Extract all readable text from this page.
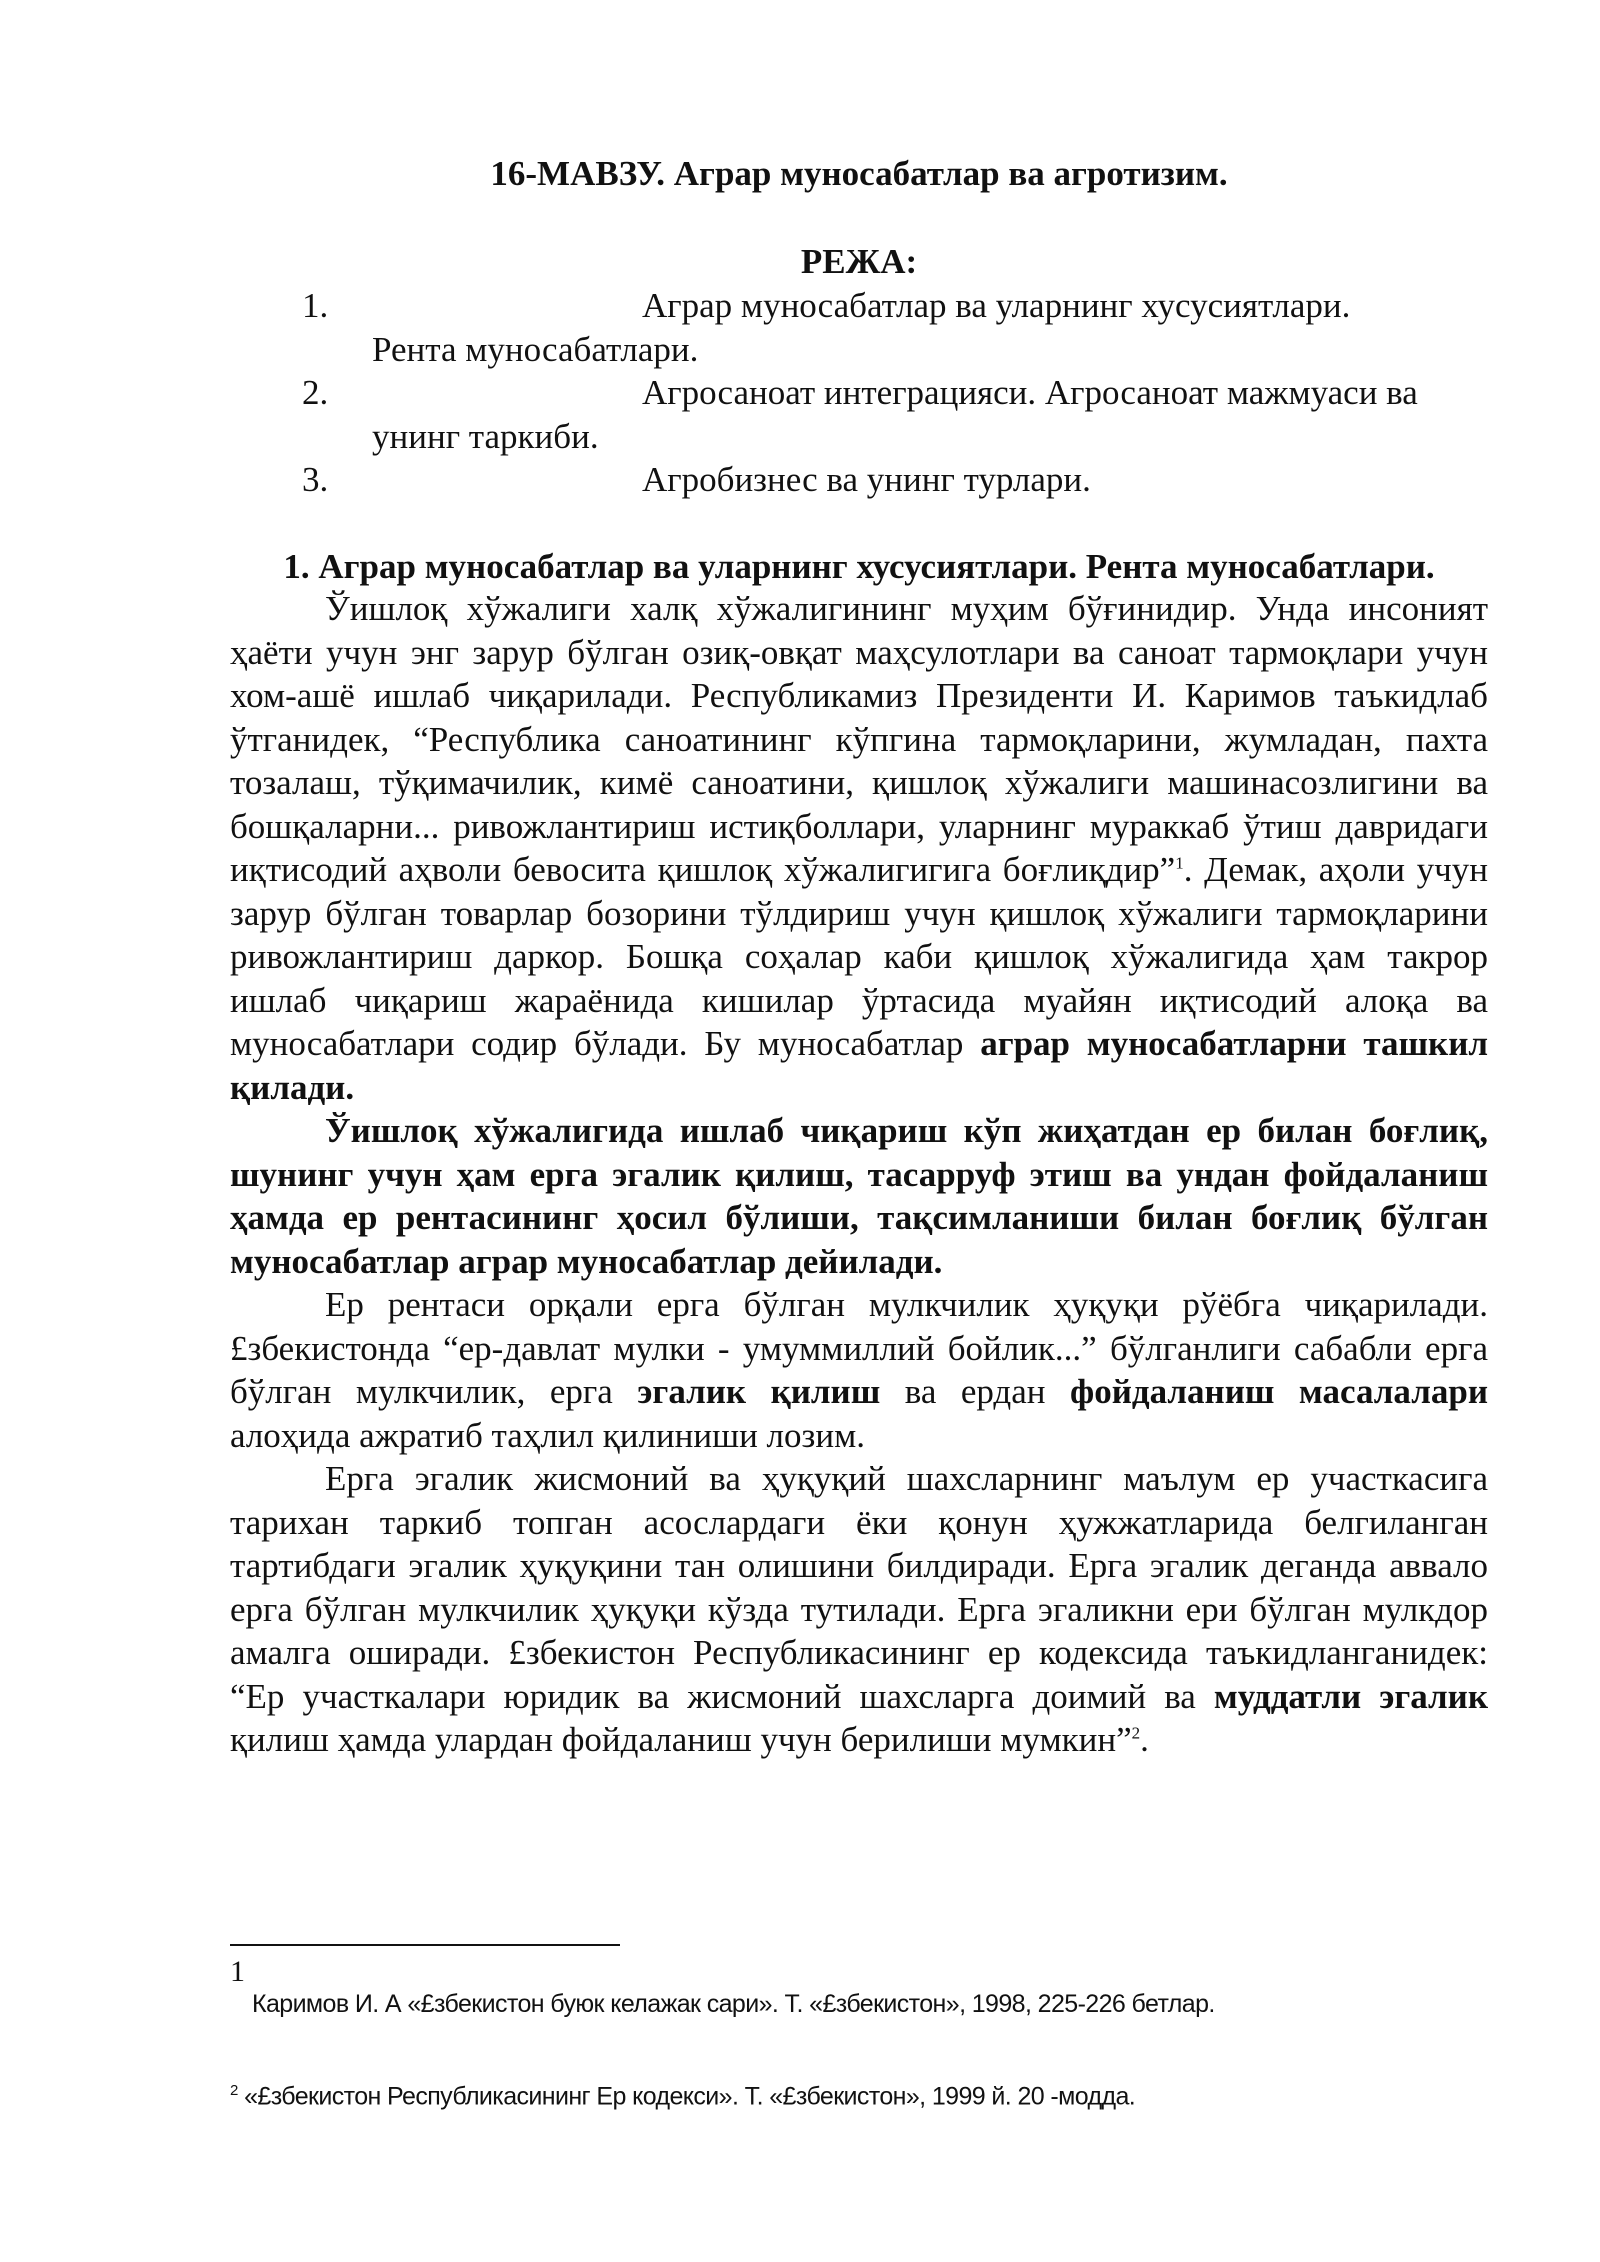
16-МАВЗУ. Аграр муносабатлар ва агротизим.
РЕЖА:
1.	Аграр муносабатлар ва уларнинг хусусиятлари.
Рента муносабатлари.
2.	Агросаноат интеграцияси. Агросаноат мажмуаси ва
унинг таркиби.
3.	Агробизнес ва унинг турлари.
1. Аграр муносабатлар ва уларнинг хусусиятлари. Рента муносабатлари.

Ўишлоқ хўжалиги халқ хўжалигининг муҳим бўғинидир. Унда инсоният ҳаёти учун энг зарур бўлган озиқ-овқат маҳсулотлари ва саноат тармоқлари учун хом-ашё ишлаб чиқарилади. Республикамиз Президенти И. Каримов таъкидлаб ўтганидек, “Республика саноатининг кўпгина тармоқларини, жумладан, пахта тозалаш, тўқимачилик, кимё саноатини, қишлоқ хўжалиги машинасозлигини ва бошқаларни... ривожлантириш истиқболлари, уларнинг мураккаб ўтиш давридаги иқтисодий аҳволи бевосита қишлоқ хўжалигигига боғлиқдир”$^1$. Демак, аҳоли учун зарур бўлган товарлар бозорини тўлдириш учун қишлоқ хўжалиги тармоқларини ривожлантириш даркор. Бошқа соҳалар каби қишлоқ хўжалигида ҳам такрор ишлаб чиқариш жараёнида кишилар ўртасида муайян иқтисодий алоқа ва муносабатлари содир бўлади. Бу муносабатлар аграр муносабатларни ташкил қилади.

Ўишлоқ хўжалигида ишлаб чиқариш кўп жиҳатдан ер билан боғлиқ, шунинг учун ҳам ерга эгалик қилиш, тасарруф этиш ва ундан фойдаланиш ҳамда ер рентасининг ҳосил бўлиши, тақсимланиши билан боғлиқ бўлган муносабатлар аграр муносабатлар дейилади.

Ер рентаси орқали ерга бўлган мулкчилик ҳуқуқи рўёбга чиқарилади. £збекистонда “ер-давлат мулки - умуммиллий бойлик...” бўлганлиги сабабли ерга бўлган мулкчилик, ерга эгалик қилиш ва ердан фойдаланиш масалалари алоҳида ажратиб таҳлил қилиниши лозим.

Ерга эгалик жисмоний ва ҳуқуқий шахсларнинг маълум ер участкасига тарихан таркиб топган асослардаги ёки қонун ҳужжатларида белгиланган тартибдаги эгалик ҳуқуқини тан олишини билдиради. Ерга эгалик деганда аввало ерга бўлган мулкчилик ҳуқуқи кўзда тутилади. Ерга эгаликни ери бўлган мулкдор амалга оширади. £збекистон Республикасининг ер кодексида таъкидланганидек: “Ер участкалари юридик ва жисмоний шахсларга доимий ва муддатли эгалик қилиш ҳамда улардан фойдаланиш учун берилиши мумкин”$^2$.

1
Каримов И. А «£збекистон буюк келажак сари». Т. «£збекистон», 1998, 225-226 бетлар.
$^2$ «£збекистон Республикасининг Ер кодекси». Т. «£збекистон», 1999 й. 20 -модда.
